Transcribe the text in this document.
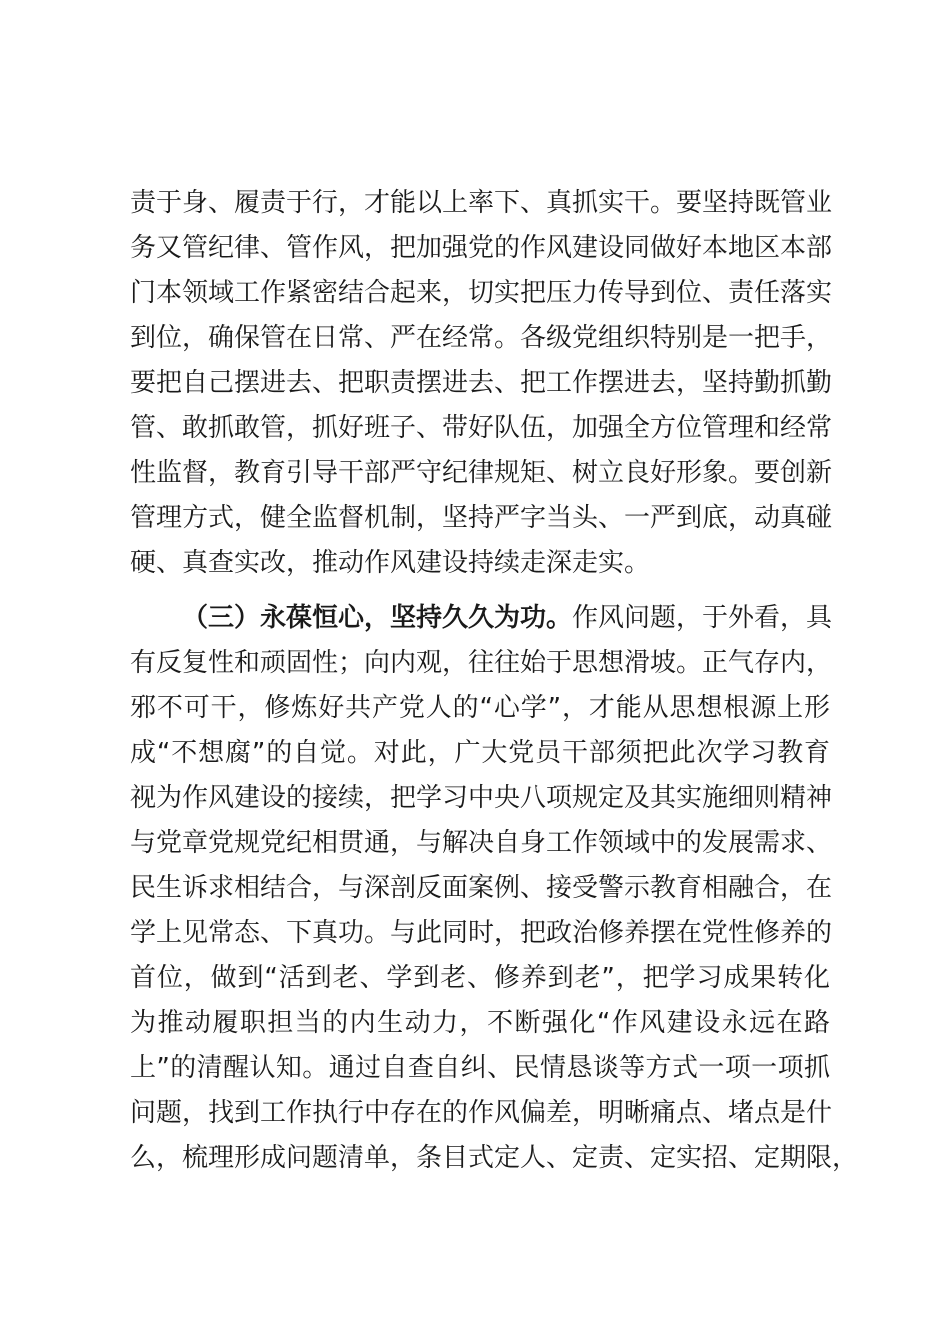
责于身、履责于行，才能以上率下、真抓实干。要坚持既管业
务又管纪律、管作风，把加强党的作风建设同做好本地区本部
门本领域工作紧密结合起来，切实把压力传导到位、责任落实
到位，确保管在日常、严在经常。各级党组织特别是一把手，
要把自己摆进去、把职责摆进去、把工作摆进去，坚持勤抓勤
管、敢抓敢管，抓好班子、带好队伍，加强全方位管理和经常
性监督，教育引导干部严守纪律规矩、树立良好形象。要创新
管理方式，健全监督机制，坚持严字当头、一严到底，动真碰
硬、真查实改，推动作风建设持续走深走实。
（三）永葆恒心，坚持久久为功。作风问题，于外看，具
有反复性和顽固性；向内观，往往始于思想滑坡。正气存内，
邪不可干，修炼好共产党人的“心学”，才能从思想根源上形
成“不想腐”的自觉。对此，广大党员干部须把此次学习教育
视为作风建设的接续，把学习中央八项规定及其实施细则精神
与党章党规党纪相贯通，与解决自身工作领域中的发展需求、
民生诉求相结合，与深剖反面案例、接受警示教育相融合，在
学上见常态、下真功。与此同时，把政治修养摆在党性修养的
首位，做到“活到老、学到老、修养到老”，把学习成果转化
为推动履职担当的内生动力，不断强化“作风建设永远在路
上”的清醒认知。通过自查自纠、民情恳谈等方式一项一项抓
问题，找到工作执行中存在的作风偏差，明晰痛点、堵点是什
么，梳理形成问题清单，条目式定人、定责、定实招、定期限，
